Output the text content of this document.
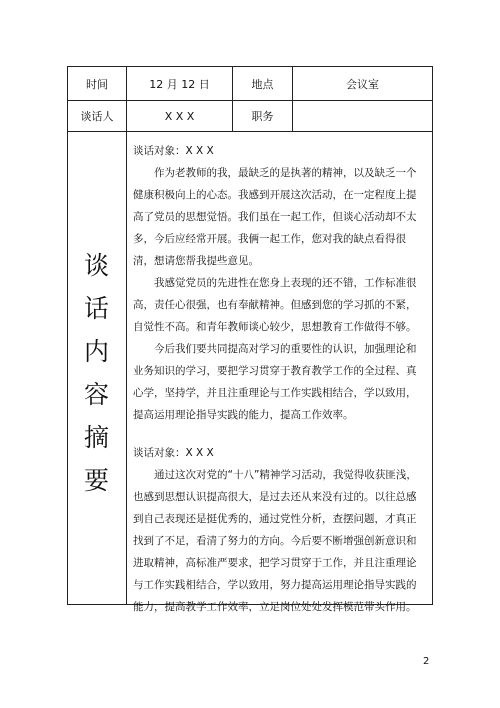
时间	12 月 12 日	地点	会议室
谈话人	X X X	职务
谈
话
内
容
摘
要

谈话对象：X X X

作为老教师的我，最缺乏的是执著的精神，以及缺乏一个健康积极向上的心态。我感到开展这次活动，在一定程度上提高了党员的思想觉悟。我们虽在一起工作，但谈心活动却不太多，今后应经常开展。我俩一起工作，您对我的缺点看得很清，想请您帮我提些意见。

我感觉党员的先进性在您身上表现的还不错，工作标准很高，责任心很强，也有奉献精神。但感到您的学习抓的不紧，自觉性不高。和青年教师谈心较少，思想教育工作做得不够。

今后我们要共同提高对学习的重要性的认识，加强理论和业务知识的学习，要把学习贯穿于教育教学工作的全过程、真心学，坚持学，并且注重理论与工作实践相结合，学以致用，提高运用理论指导实践的能力，提高工作效率。

谈话对象：X X X

通过这次对党的“十八”精神学习活动，我觉得收获匪浅，也感到思想认识提高很大，是过去还从来没有过的。以往总感到自己表现还是挺优秀的，通过党性分析，查摆问题，才真正找到了不足，看清了努力的方向。今后要不断增强创新意识和进取精神，高标准严要求，把学习贯穿于工作，并且注重理论与工作实践相结合，学以致用，努力提高运用理论指导实践的能力，提高教学工作效率，立足岗位处处发挥模范带头作用。

2
